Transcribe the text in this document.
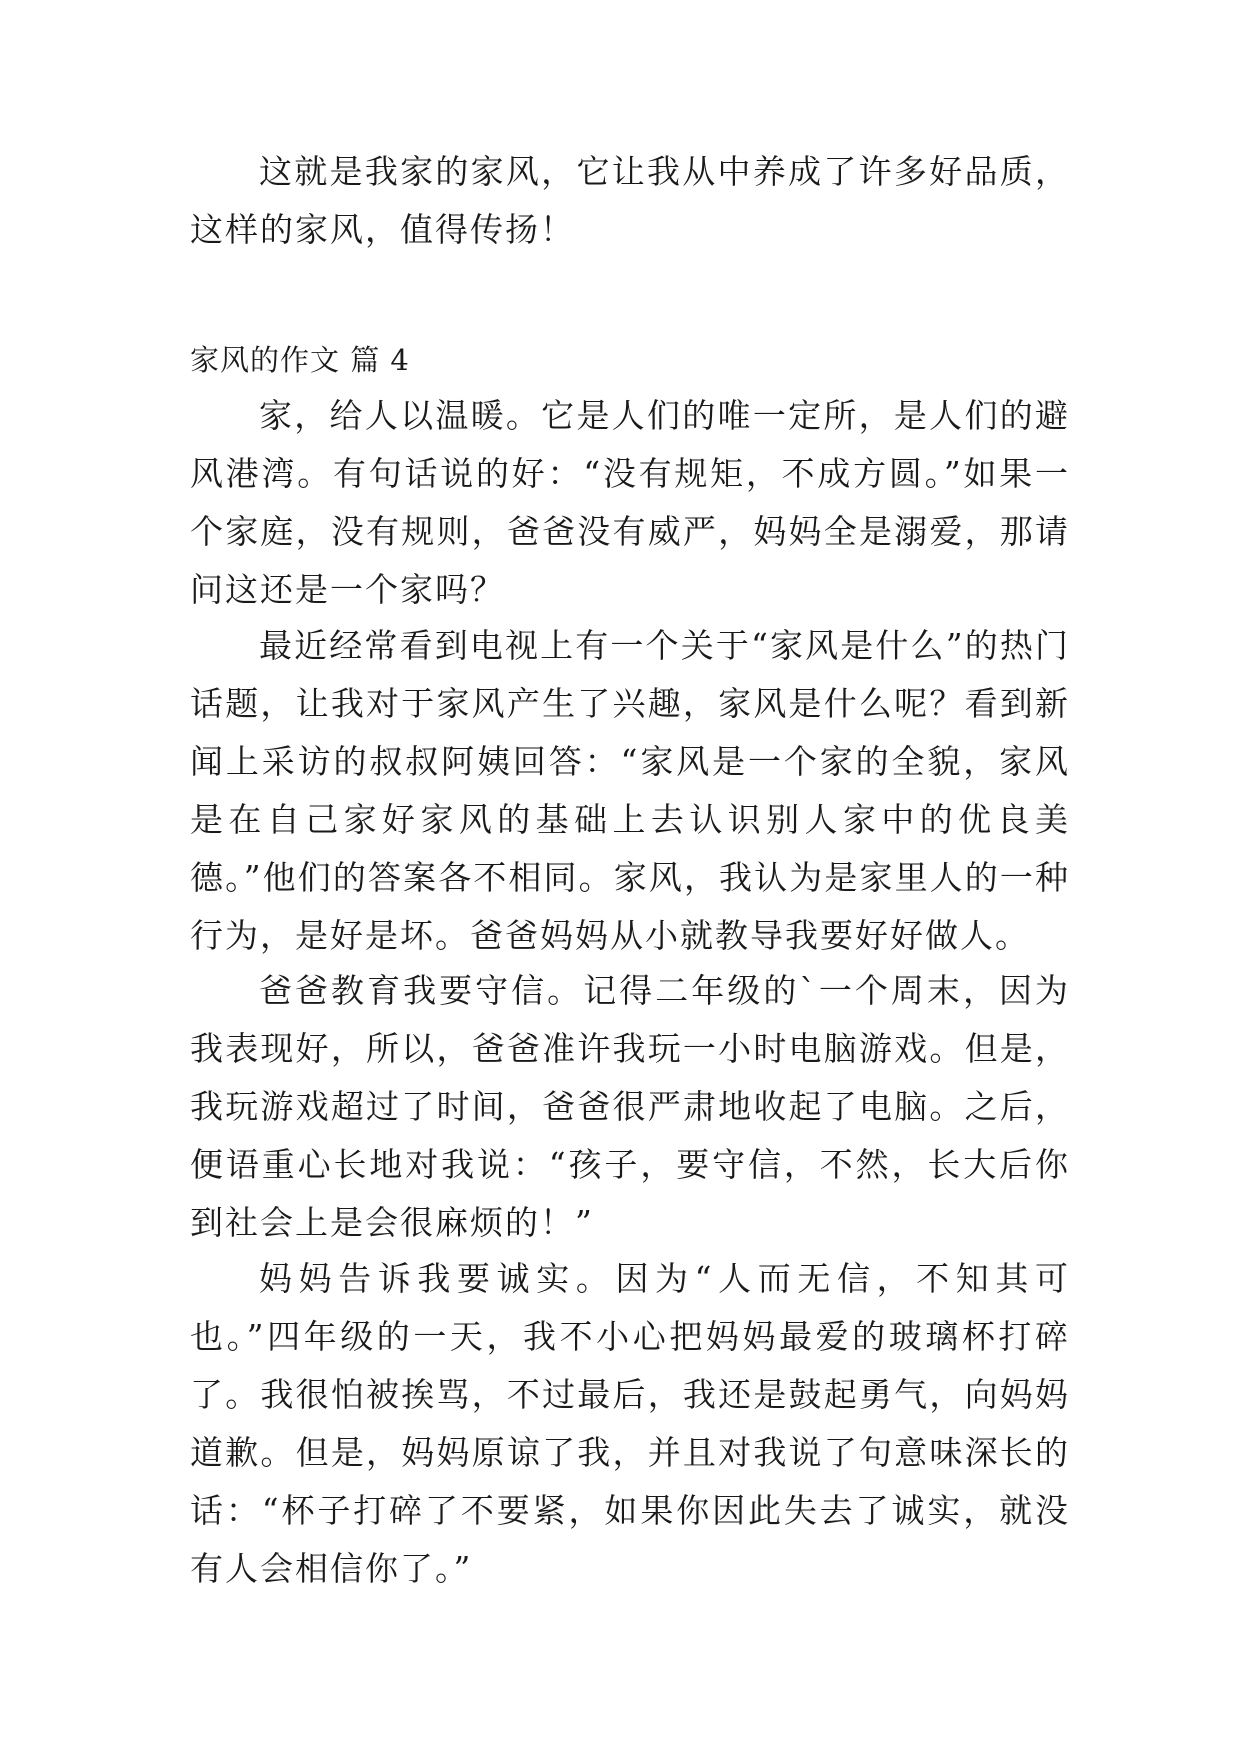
这就是我家的家风，它让我从中养成了许多好品质，这样的家风，值得传扬！

家风的作文 篇 4

家，给人以温暖。它是人们的唯一定所，是人们的避风港湾。有句话说的好：“没有规矩，不成方圆。”如果一个家庭，没有规则，爸爸没有威严，妈妈全是溺爱，那请问这还是一个家吗？

最近经常看到电视上有一个关于“家风是什么”的热门话题，让我对于家风产生了兴趣，家风是什么呢？看到新闻上采访的叔叔阿姨回答：“家风是一个家的全貌，家风是在自己家好家风的基础上去认识别人家中的优良美德。”他们的答案各不相同。家风，我认为是家里人的一种行为，是好是坏。爸爸妈妈从小就教导我要好好做人。

爸爸教育我要守信。记得二年级的`一个周末，因为我表现好，所以，爸爸准许我玩一小时电脑游戏。但是，我玩游戏超过了时间，爸爸很严肃地收起了电脑。之后，便语重心长地对我说：“孩子，要守信，不然，长大后你到社会上是会很麻烦的！”

妈妈告诉我要诚实。因为“人而无信，不知其可也。”四年级的一天，我不小心把妈妈最爱的玻璃杯打碎了。我很怕被挨骂，不过最后，我还是鼓起勇气，向妈妈道歉。但是，妈妈原谅了我，并且对我说了句意味深长的话：“杯子打碎了不要紧，如果你因此失去了诚实，就没有人会相信你了。”
